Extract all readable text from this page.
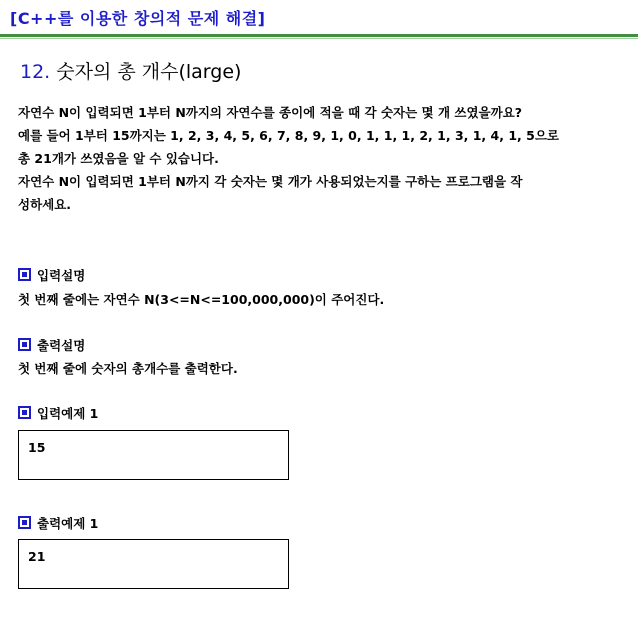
[C++를 이용한 창의적 문제 해결]
12. 숫자의 총 개수(large)

자연수 N이 입력되면 1부터 N까지의 자연수를 종이에 적을 때 각 숫자는 몇 개 쓰였을까요?

예를 들어 1부터 15까지는 1, 2, 3, 4, 5, 6, 7, 8, 9, 1, 0, 1, 1, 1, 2, 1, 3, 1, 4, 1, 5으로

총 21개가 쓰였음을 알 수 있습니다.

자연수 N이 입력되면 1부터 N까지 각 숫자는 몇 개가 사용되었는지를 구하는 프로그램을 작

성하세요.

입력설명
첫 번째 줄에는 자연수 N(3<=N<=100,000,000)이 주어진다.
출력설명
첫 번째 줄에 숫자의 총개수를 출력한다.
입력예제 1
15
출력예제 1
21
